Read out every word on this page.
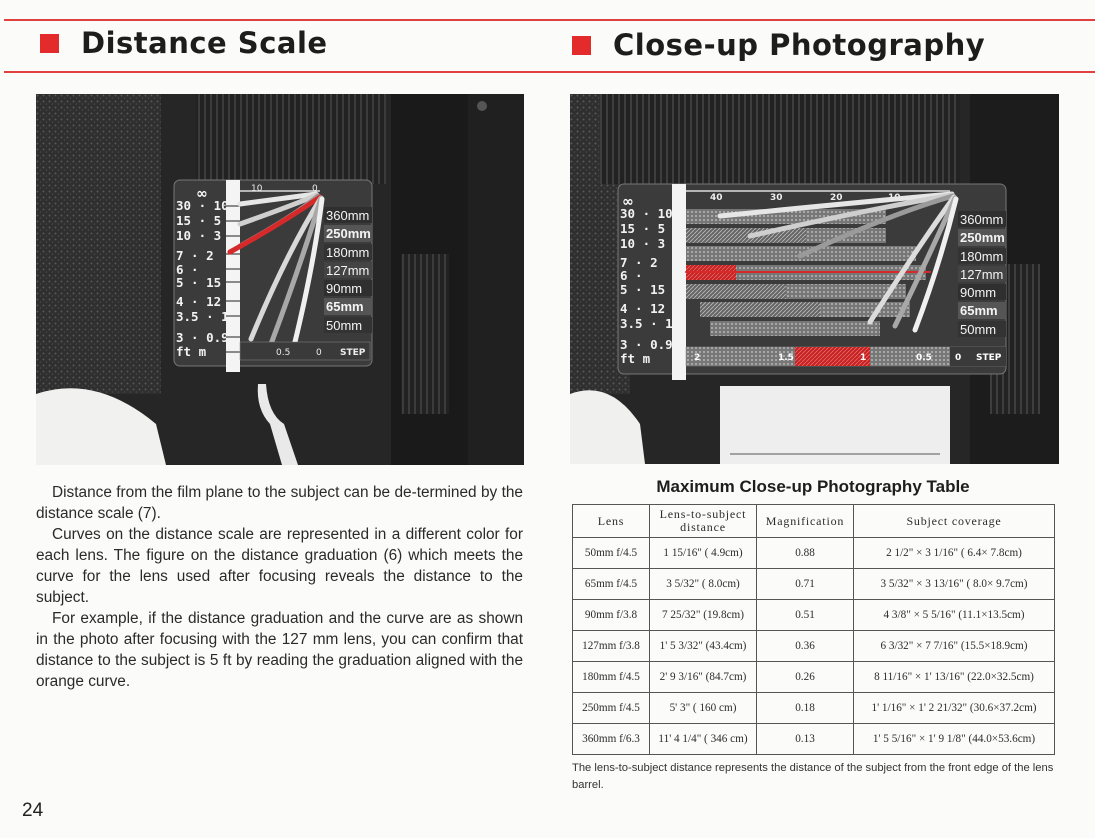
Distance Scale	Close-up Photography
10	0
∞
30 · 10
15 · 5
10 · 3
7 · 2
6 ·
5 · 15
4 · 12
3.5 · 1
3 · 0.9
ft m
360mm
250mm
180mm
127mm
90mm
65mm
50mm
0.5	0 STEP
40	30	20	10	0
∞
30 · 10
15 · 5
10 · 3
7 · 2
6 ·
5 · 15
4 · 12
3.5 · 1
3 · 0.9
ft m
360mm
250mm
180mm
127mm
90mm
65mm
50mm
2	1.5	1	0.5	0 STEP

Distance from the film plane to the subject can be de-termined by the distance scale (7).

Curves on the distance scale are represented in a different color for each lens. The figure on the distance graduation (6) which meets the curve for the lens used after focusing reveals the distance to the subject.

For example, if the distance graduation and the curve are as shown in the photo after focusing with the 127 mm lens, you can confirm that distance to the subject is 5 ft by reading the graduation aligned with the orange curve.

Maximum Close-up Photography Table
Lens	Lens-to-subject distance	Magnification	Subject coverage
50mm f/4.5	1 15/16" ( 4.9cm)	0.88	2 1/2" × 3 1/16" ( 6.4× 7.8cm)
65mm f/4.5	3 5/32" ( 8.0cm)	0.71	3 5/32" × 3 13/16" ( 8.0× 9.7cm)
90mm f/3.8	7 25/32" (19.8cm)	0.51	4 3/8" × 5 5/16" (11.1×13.5cm)
127mm f/3.8	1' 5 3/32" (43.4cm)	0.36	6 3/32" × 7 7/16" (15.5×18.9cm)
180mm f/4.5	2' 9 3/16" (84.7cm)	0.26	8 11/16" × 1' 13/16" (22.0×32.5cm)
250mm f/4.5	5' 3" ( 160 cm)	0.18	1' 1/16" × 1' 2 21/32" (30.6×37.2cm)
360mm f/6.3	11' 4 1/4" ( 346 cm)	0.13	1' 5 5/16" × 1' 9 1/8" (44.0×53.6cm)
The lens-to-subject distance represents the distance of the subject from the front edge of the lens barrel.
24
